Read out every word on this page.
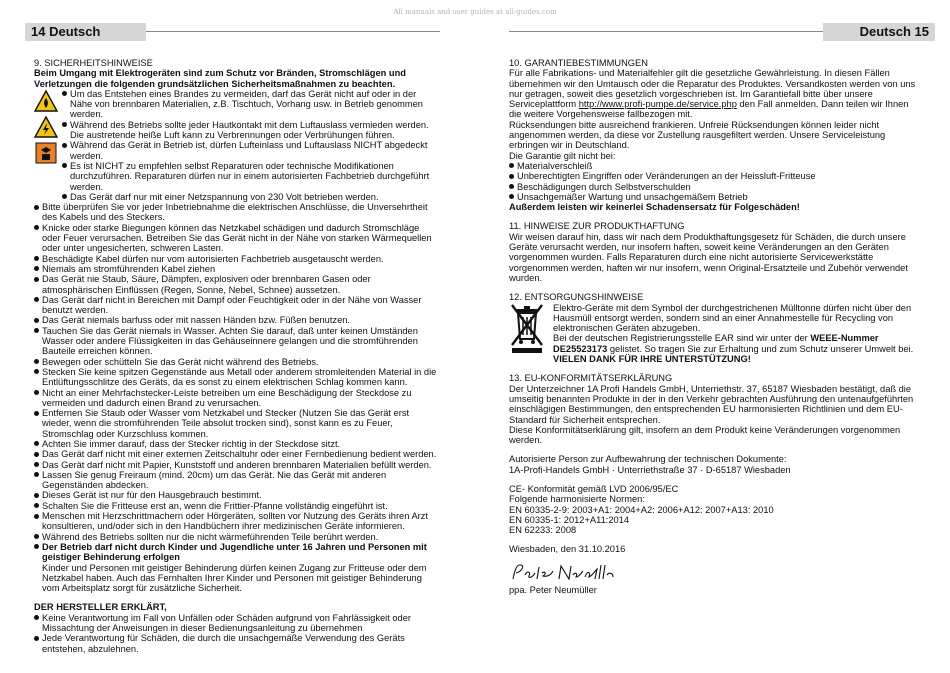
All manuals and user guides at all-guides.com
14 Deutsch	Deutsch 15

9. SICHERHEITSHINWEISE

Beim Umgang mit Elektrogeräten sind zum Schutz vor Bränden, Stromschlägen und Verletzungen die folgenden grundsätzlichen Sicherheitsmaßnahmen zu beachten.

Um das Entstehen eines Brandes zu vermeiden, darf das Gerät nicht auf oder in der Nähe von brennbaren Materialien, z.B. Tischtuch, Vorhang usw. in Betrieb genommen werden.

Während des Betriebs sollte jeder Hautkontakt mit dem Luftauslass vermieden werden. Die austretende heiße Luft kann zu Verbrennungen oder Verbrühungen führen.

Während das Gerät in Betrieb ist, dürfen Lufteinlass und Luftauslass NICHT abgedeckt werden.

Es ist NICHT zu empfehlen selbst Reparaturen oder technische Modifikationen durchzuführen. Reparaturen dürfen nur in einem autorisierten Fachbetrieb durchgeführt werden.

Das Gerät darf nur mit einer Netzspannung von 230 Volt betrieben werden.

Bitte überprüfen Sie vor jeder Inbetriebnahme die elektrischen Anschlüsse, die Unversehrtheit des Kabels und des Steckers.

Knicke oder starke Biegungen können das Netzkabel schädigen und dadurch Stromschläge oder Feuer verursachen. Betreiben Sie das Gerät nicht in der Nähe von starken Wärmequellen oder unter ungesicherten, schweren Lasten.

Beschädigte Kabel dürfen nur vom autorisierten Fachbetrieb ausgetauscht werden.

Niemals am stromführenden Kabel ziehen

Das Gerät nie Staub, Säure, Dämpfen, explosiven oder brennbaren Gasen oder atmosphärischen Einflüssen (Regen, Sonne, Nebel, Schnee) aussetzen.

Das Gerät darf nicht in Bereichen mit Dampf oder Feuchtigkeit oder in der Nähe von Wasser benutzt werden.

Das Gerät niemals barfuss oder mit nassen Händen bzw. Füßen benutzen.

Tauchen Sie das Gerät niemals in Wasser. Achten Sie darauf, daß unter keinen Umständen Wasser oder andere Flüssigkeiten in das Gehäuseinnere gelangen und die stromführenden Bauteile erreichen können.

Bewegen oder schütteln Sie das Gerät nicht während des Betriebs.

Stecken Sie keine spitzen Gegenstände aus Metall oder anderem stromleitenden Material in die Entlüftungsschlitze des Geräts, da es sonst zu einem elektrischen Schlag kommen kann.

Nicht an einer Mehrfachstecker-Leiste betreiben um eine Beschädigung der Steckdose zu vermeiden und dadurch einen Brand zu verursachen.

Entfernen Sie Staub oder Wasser vom Netzkabel und Stecker (Nutzen Sie das Gerät erst wieder, wenn die stromführenden Teile absolut trocken sind), sonst kann es zu Feuer, Stromschlag oder Kurzschluss kommen.

Achten Sie immer darauf, dass der Stecker richtig in der Steckdose sitzt.

Das Gerät darf nicht mit einer externen Zeitschaltuhr oder einer Fernbedienung bedient werden.

Das Gerät darf nicht mit Papier, Kunststoff und anderen brennbaren Materialien befüllt werden.

Lassen Sie genug Freiraum (mind. 20cm) um das Gerät. Nie das Gerät mit anderen Gegenständen abdecken.

Dieses Gerät ist nur für den Hausgebrauch bestimmt.

Schalten Sie die Fritteuse erst an, wenn die Frittier-Pfanne vollständig eingeführt ist.

Menschen mit Herzschrittmachern oder Hörgeräten, sollten vor Nutzung des Geräts ihren Arzt konsultieren, und/oder sich in den Handbüchern ihrer medizinischen Geräte informieren.

Während des Betriebs sollten nur die nicht wärmeführenden Teile berührt werden.

Der Betrieb darf nicht durch Kinder und Jugendliche unter 16 Jahren und Personen mit geistiger Behinderung erfolgen

Kinder und Personen mit geistiger Behinderung dürfen keinen Zugang zur Fritteuse oder dem Netzkabel haben. Auch das Fernhalten Ihrer Kinder und Personen mit geistiger Behinderung vom Arbeitsplatz sorgt für zusätzliche Sicherheit.

DER HERSTELLER ERKLÄRT,

Keine Verantwortung im Fall von Unfällen oder Schäden aufgrund von Fahrlässigkeit oder Missachtung der Anweisungen in dieser Bedienungsanleitung zu übernehmen

Jede Verantwortung für Schäden, die durch die unsachgemäße Verwendung des Geräts entstehen, abzulehnen.

10. GARANTIEBESTIMMUNGEN

Für alle Fabrikations- und Materialfehler gilt die gesetzliche Gewährleistung. In diesen Fällen übernehmen wir den Umtausch oder die Reparatur des Produktes. Versandkosten werden von uns nur getragen, soweit dies gesetzlich vorgeschrieben ist. Im Garantiefall bitte über unsere Serviceplattform http://www.profi-pumpe.de/service.php den Fall anmelden. Dann teilen wir Ihnen die weitere Vorgehensweise fallbezogen mit.

Rücksendungen bitte ausreichend frankieren. Unfreie Rücksendungen können leider nicht angenommen werden, da diese vor Zustellung rausgefiltert werden. Unsere Serviceleistung erbringen wir in Deutschland.

Die Garantie gilt nicht bei:

Materialverschleiß

Unberechtigten Eingriffen oder Veränderungen an der Heissluft-Fritteuse

Beschädigungen durch Selbstverschulden

Unsachgemäßer Wartung und unsachgemäßem Betrieb

Außerdem leisten wir keinerlei Schadensersatz für Folgeschäden!

11. HINWEISE ZUR PRODUKTHAFTUNG

Wir weisen darauf hin, dass wir nach dem Produkthaftungsgesetz für Schäden, die durch unsere Geräte verursacht werden, nur insofern haften, soweit keine Veränderungen an den Geräten vorgenommen wurden. Falls Reparaturen durch eine nicht autorisierte Servicewerkstätte vorgenommen werden, haften wir nur insofern, wenn Original-Ersatzteile und Zubehör verwendet wurden.

12. ENTSORGUNGSHINWEISE

Elektro-Geräte mit dem Symbol der durchgestrichenen Mülltonne dürfen nicht über den Hausmüll entsorgt werden, sondern sind an einer Annahmestelle für Recycling von elektronischen Geräten abzugeben.

Bei der deutschen Registrierungsstelle EAR sind wir unter der WEEE-Nummer DE25523173 gelistet. So tragen Sie zur Erhaltung und zum Schutz unserer Umwelt bei.

VIELEN DANK FÜR IHRE UNTERSTÜTZUNG!

13. EU-KONFORMITÄTSERKLÄRUNG

Der Unterzeichner 1A Profi Handels GmbH, Unterriethstr. 37, 65187 Wiesbaden bestätigt, daß die umseitig benannten Produkte in der in den Verkehr gebrachten Ausführung den untenaufgeführten einschlägigen Bestimmungen, den entsprechenden EU harmonisierten Richtlinien und dem EU-Standard für Sicherheit entsprechen.

Diese Konformitätserklärung gilt, insofern an dem Produkt keine Veränderungen vorgenommen werden.

Autorisierte Person zur Aufbewahrung der technischen Dokumente:

1A-Profi-Handels GmbH · Unterriethstraße 37 · D-65187 Wiesbaden

CE- Konformität gemäß LVD 2006/95/EC

Folgende harmonisierte Normen:

EN 60335-2-9: 2003+A1: 2004+A2: 2006+A12: 2007+A13: 2010

EN 60335-1: 2012+A11:2014

EN 62233: 2008

Wiesbaden, den 31.10.2016

ppa. Peter Neumüller
